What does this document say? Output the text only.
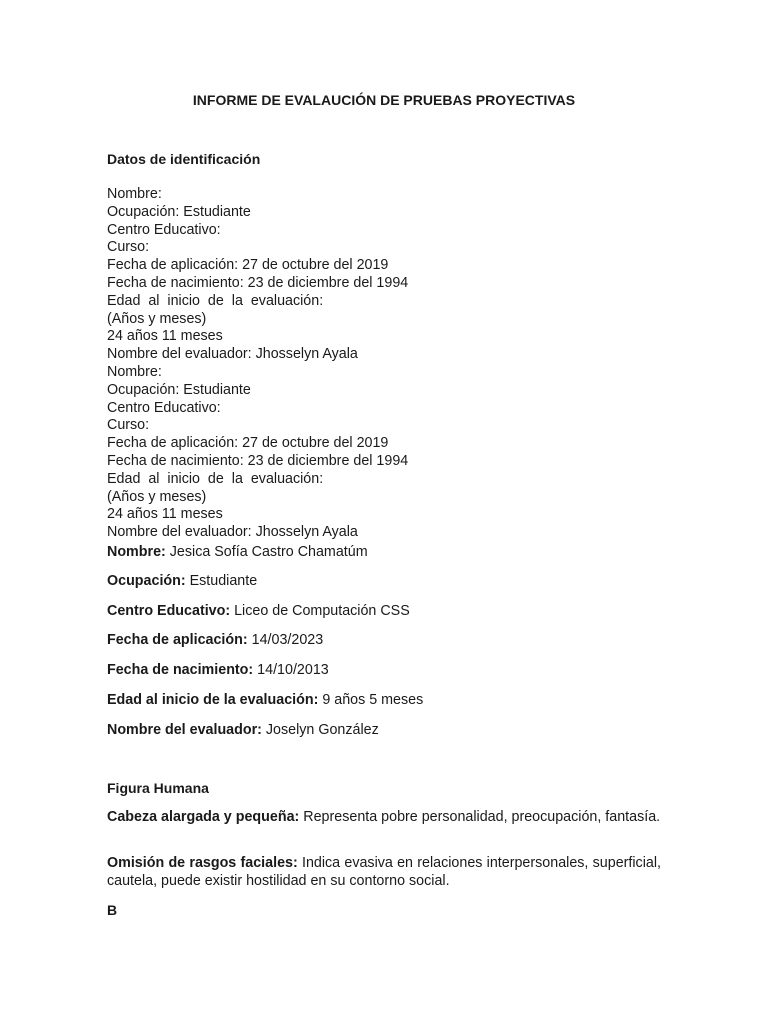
INFORME DE EVALAUCIÓN DE PRUEBAS PROYECTIVAS
Datos de identificación
Nombre:
Ocupación: Estudiante
Centro Educativo:
Curso:
Fecha de aplicación: 27 de octubre del 2019
Fecha de nacimiento: 23 de diciembre del 1994
Edad  al  inicio  de  la  evaluación:
(Años y meses)
24 años 11 meses
Nombre del evaluador: Jhosselyn Ayala
Nombre:
Ocupación: Estudiante
Centro Educativo:
Curso:
Fecha de aplicación: 27 de octubre del 2019
Fecha de nacimiento: 23 de diciembre del 1994
Edad  al  inicio  de  la  evaluación:
(Años y meses)
24 años 11 meses
Nombre del evaluador: Jhosselyn Ayala
Nombre: Jesica Sofía Castro Chamatúm
Ocupación: Estudiante
Centro Educativo: Liceo de Computación CSS
Fecha de aplicación: 14/03/2023
Fecha de nacimiento: 14/10/2013
Edad al inicio de la evaluación: 9 años 5 meses
Nombre del evaluador: Joselyn González
Figura Humana
Cabeza alargada y pequeña: Representa pobre personalidad, preocupación, fantasía.
Omisión de rasgos faciales: Indica evasiva en relaciones interpersonales, superficial, cautela, puede existir hostilidad en su contorno social.
B
